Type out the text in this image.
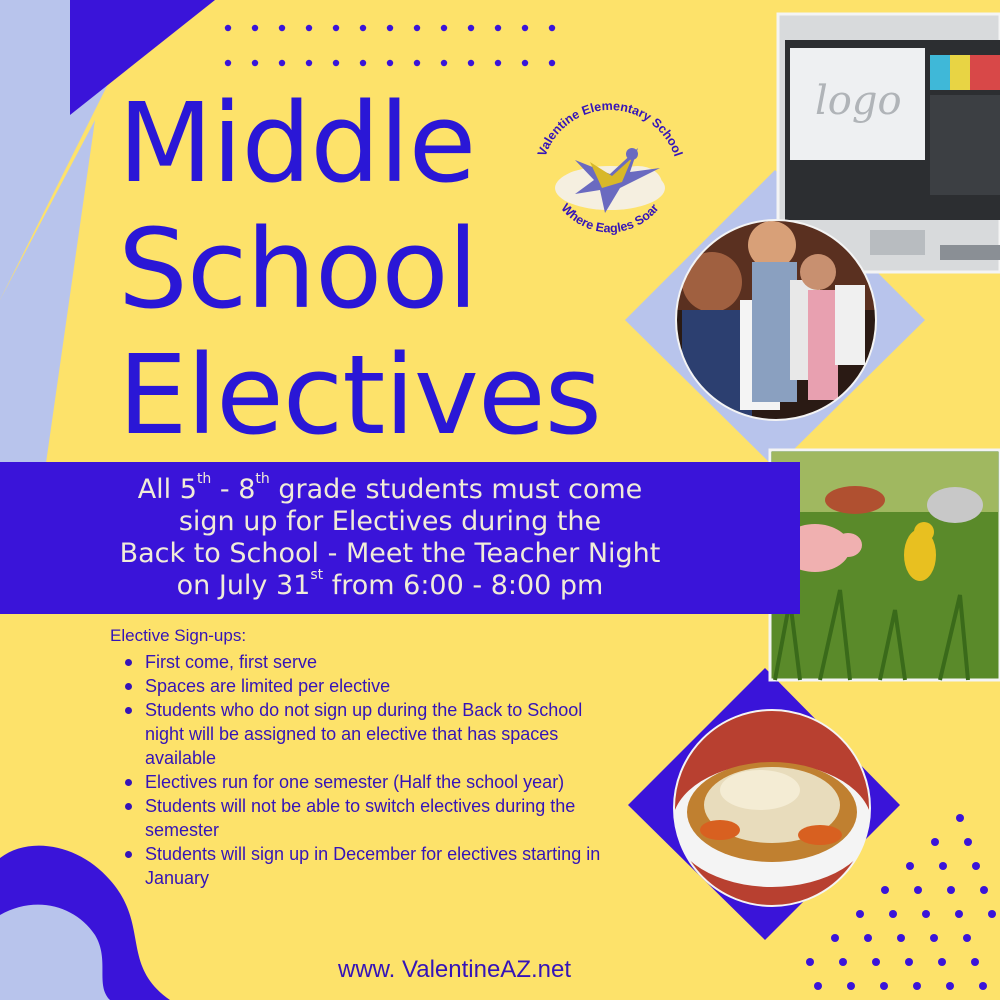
logo
Middle
School
Electives
Valentine Elementary School
Where Eagles Soar
All 5th - 8th grade students must come
sign up for Electives during the
Back to School - Meet the Teacher Night
on July 31st from 6:00 - 8:00 pm
Elective Sign-ups:
First come, first serve
Spaces are limited per elective
Students who do not sign up during the Back to School night will be assigned to an elective that has spaces available
Electives run for one semester (Half the school year)
Students will not be able to switch electives during the semester
Students will sign up in December for electives starting in January
www. ValentineAZ.net
